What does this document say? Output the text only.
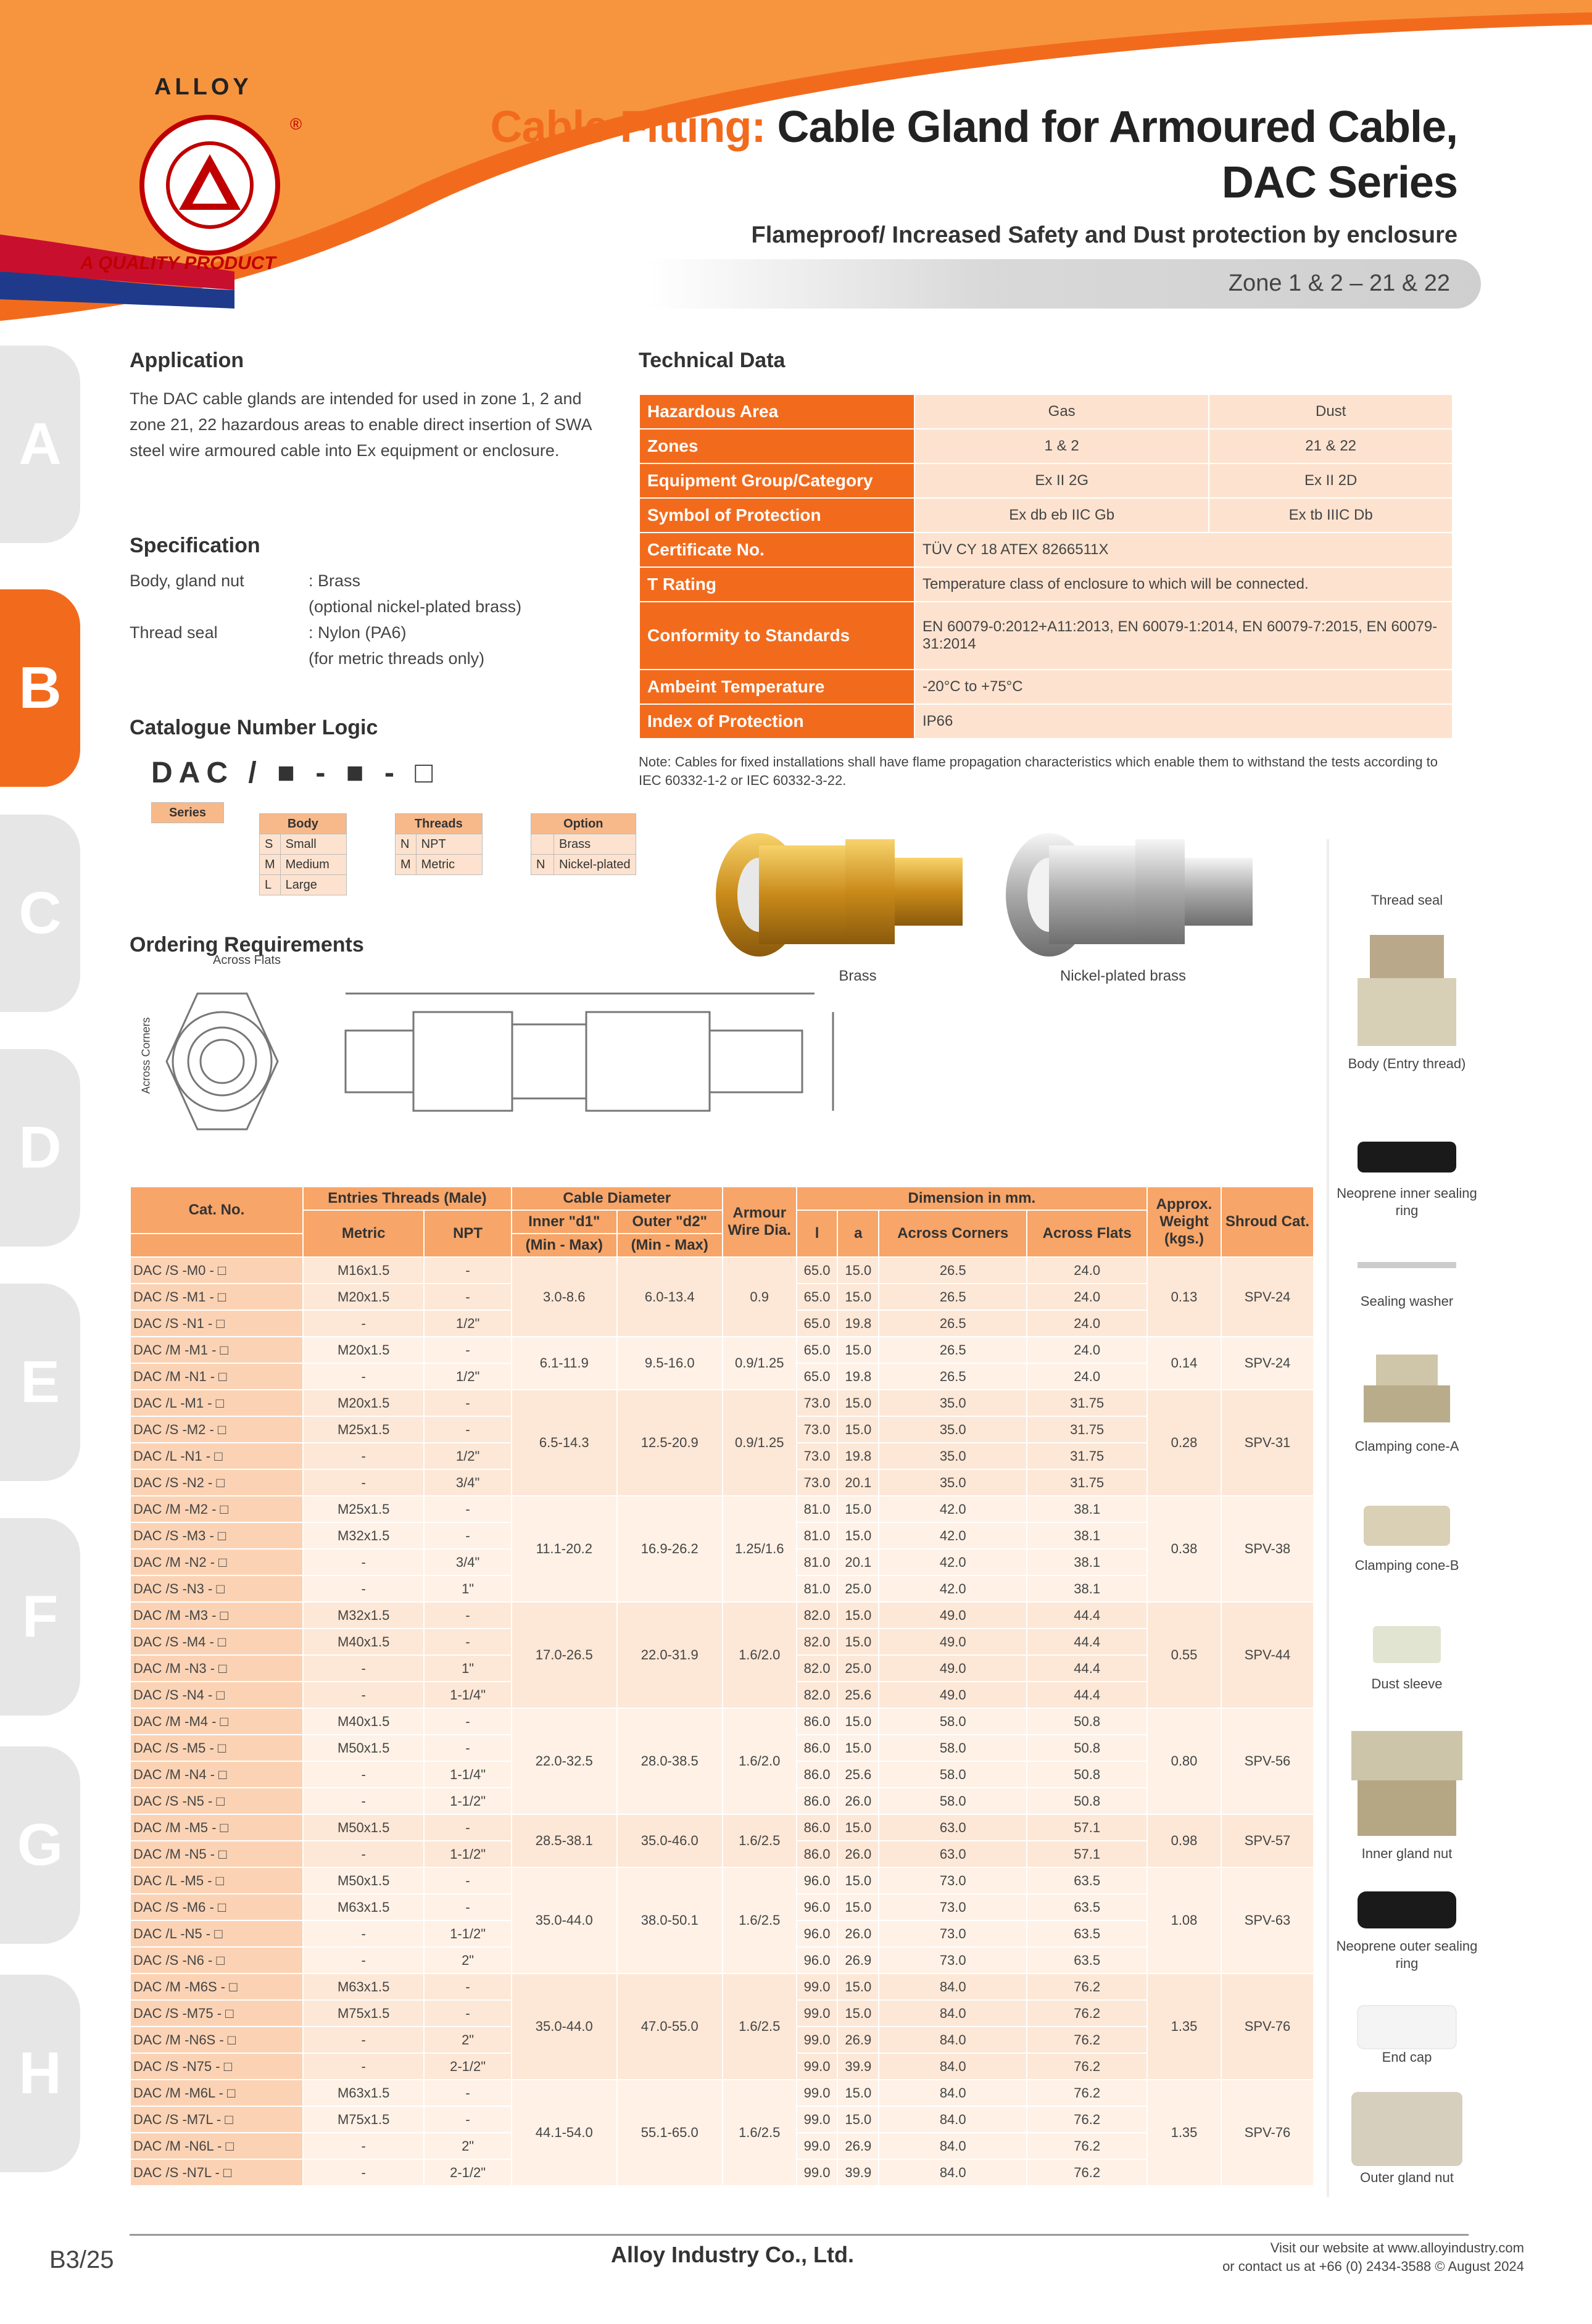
ALLOY
®
A QUALITY PRODUCT
Cable Fitting: Cable Gland for Armoured Cable,
DAC Series
Flameproof/ Increased Safety and Dust protection by enclosure
Zone 1 & 2 – 21 & 22
A
B
C
D
E
F
G
H
Application
The DAC cable glands are intended for used in zone 1, 2 and zone 21, 22 hazardous areas to enable direct insertion of SWA steel wire armoured cable into Ex equipment or enclosure.
Specification
Body, gland nut	: Brass
(optional nickel-plated brass)
Thread seal	: Nylon (PA6)
(for metric threads only)
Catalogue Number Logic
DAC / ■ - ■ - □
Series
Body	
S	Small
M	Medium
L	Large
Threads	
N	NPT
M	Metric
Option	
	Brass
N	Nickel-plated
Ordering Requirements
Across Flats
Across Corners
Technical Data
Hazardous Area	Gas	Dust
Zones	1 & 2	21 & 22
Equipment Group/Category	Ex II 2G	Ex II 2D
Symbol of Protection	Ex db eb IIC Gb	Ex tb IIIC Db
Certificate No.	TÜV CY 18 ATEX 8266511X	
T Rating	Temperature class of enclosure to which will be connected.	
Conformity to Standards	EN 60079-0:2012+A11:2013, EN 60079-1:2014, EN 60079-7:2015, EN 60079-31:2014	
Ambeint Temperature	-20°C to +75°C	
Index of Protection	IP66	
Note: Cables for fixed installations shall have flame propagation characteristics which enable them to withstand the tests according to IEC 60332-1-2 or IEC 60332-3-22.
Brass	Nickel-plated brass
Thread seal
Body (Entry thread)
Neoprene inner sealing ring
Sealing washer
Clamping cone-A
Clamping cone-B
Dust sleeve
Inner gland nut
Neoprene outer sealing ring
End cap
Outer gland nut
Cat. No.	Entries Threads (Male)		Cable Diameter		Armour Wire Dia.	Dimension in mm.				Approx. Weight (kgs.)	Shroud Cat.
	Metric	NPT	Inner "d1"	Outer "d2"		l	a	Across Corners	Across Flats		
			(Min - Max)	(Min - Max)							
DAC /S -M0 - □	M16x1.5	-	3.0-8.6	6.0-13.4	0.9	65.0	15.0	26.5	24.0	0.13	SPV-24
DAC /S -M1 - □	M20x1.5	-				65.0	15.0	26.5	24.0		
DAC /S -N1 - □	-	1/2"				65.0	19.8	26.5	24.0		
DAC /M -M1 - □	M20x1.5	-	6.1-11.9	9.5-16.0	0.9/1.25	65.0	15.0	26.5	24.0	0.14	SPV-24
DAC /M -N1 - □	-	1/2"				65.0	19.8	26.5	24.0		
DAC /L -M1 - □	M20x1.5	-	6.5-14.3	12.5-20.9	0.9/1.25	73.0	15.0	35.0	31.75	0.28	SPV-31
DAC /S -M2 - □	M25x1.5	-				73.0	15.0	35.0	31.75		
DAC /L -N1 - □	-	1/2"				73.0	19.8	35.0	31.75		
DAC /S -N2 - □	-	3/4"				73.0	20.1	35.0	31.75		
DAC /M -M2 - □	M25x1.5	-	11.1-20.2	16.9-26.2	1.25/1.6	81.0	15.0	42.0	38.1	0.38	SPV-38
DAC /S -M3 - □	M32x1.5	-				81.0	15.0	42.0	38.1		
DAC /M -N2 - □	-	3/4"				81.0	20.1	42.0	38.1		
DAC /S -N3 - □	-	1"				81.0	25.0	42.0	38.1		
DAC /M -M3 - □	M32x1.5	-	17.0-26.5	22.0-31.9	1.6/2.0	82.0	15.0	49.0	44.4	0.55	SPV-44
DAC /S -M4 - □	M40x1.5	-				82.0	15.0	49.0	44.4		
DAC /M -N3 - □	-	1"				82.0	25.0	49.0	44.4		
DAC /S -N4 - □	-	1-1/4"				82.0	25.6	49.0	44.4		
DAC /M -M4 - □	M40x1.5	-	22.0-32.5	28.0-38.5	1.6/2.0	86.0	15.0	58.0	50.8	0.80	SPV-56
DAC /S -M5 - □	M50x1.5	-				86.0	15.0	58.0	50.8		
DAC /M -N4 - □	-	1-1/4"				86.0	25.6	58.0	50.8		
DAC /S -N5 - □	-	1-1/2"				86.0	26.0	58.0	50.8		
DAC /M -M5 - □	M50x1.5	-	28.5-38.1	35.0-46.0	1.6/2.5	86.0	15.0	63.0	57.1	0.98	SPV-57
DAC /M -N5 - □	-	1-1/2"				86.0	26.0	63.0	57.1		
DAC /L -M5 - □	M50x1.5	-	35.0-44.0	38.0-50.1	1.6/2.5	96.0	15.0	73.0	63.5	1.08	SPV-63
DAC /S -M6 - □	M63x1.5	-				96.0	15.0	73.0	63.5		
DAC /L -N5 - □	-	1-1/2"				96.0	26.0	73.0	63.5		
DAC /S -N6 - □	-	2"				96.0	26.9	73.0	63.5		
DAC /M -M6S - □	M63x1.5	-	35.0-44.0	47.0-55.0	1.6/2.5	99.0	15.0	84.0	76.2	1.35	SPV-76
DAC /S -M75 - □	M75x1.5	-				99.0	15.0	84.0	76.2		
DAC /M -N6S - □	-	2"				99.0	26.9	84.0	76.2		
DAC /S -N75 - □	-	2-1/2"				99.0	39.9	84.0	76.2		
DAC /M -M6L - □	M63x1.5	-	44.1-54.0	55.1-65.0	1.6/2.5	99.0	15.0	84.0	76.2	1.35	SPV-76
DAC /S -M7L - □	M75x1.5	-				99.0	15.0	84.0	76.2		
DAC /M -N6L - □	-	2"				99.0	26.9	84.0	76.2		
DAC /S -N7L - □	-	2-1/2"				99.0	39.9	84.0	76.2		
B3/25	Alloy Industry Co., Ltd.	Visit our website at www.alloyindustry.com
or contact us at +66 (0) 2434-3588 © August 2024
